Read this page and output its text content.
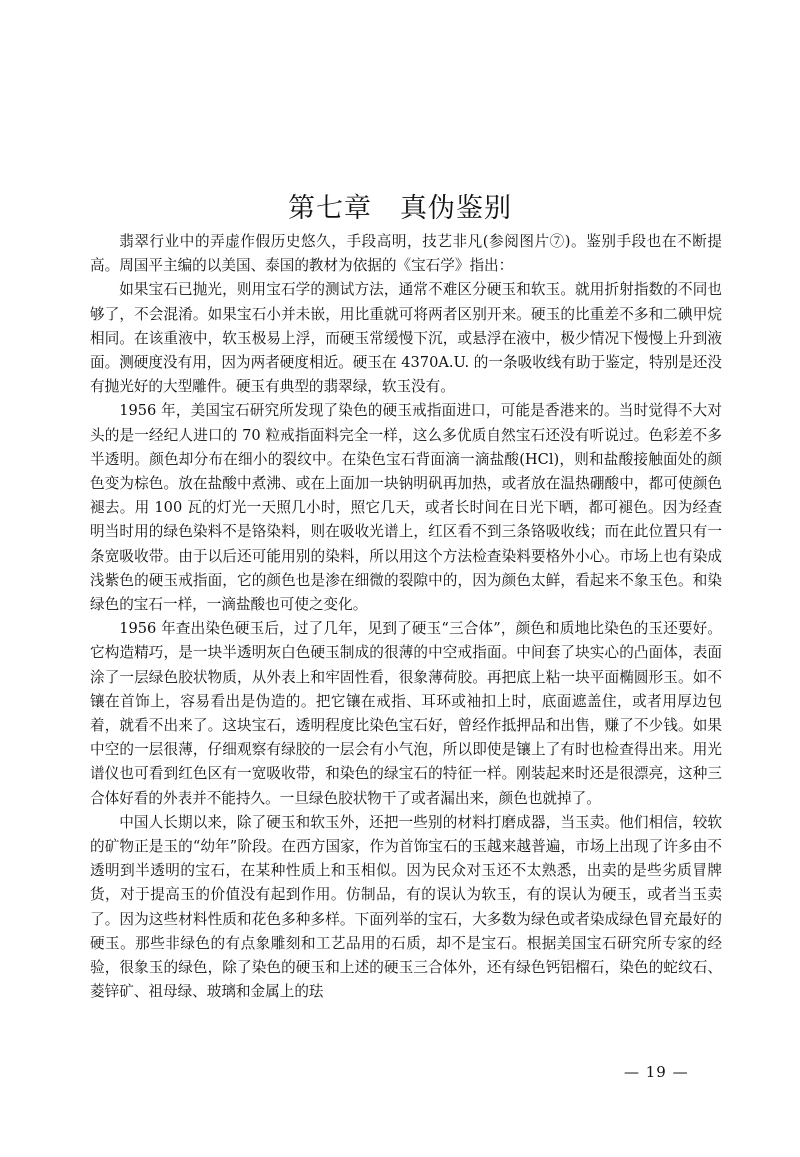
第七章　真伪鉴别

翡翠行业中的弄虚作假历史悠久，手段高明，技艺非凡(参阅图片⑦)。鉴别手段也在不断提高。周国平主编的以美国、泰国的教材为依据的《宝石学》指出：

如果宝石已抛光，则用宝石学的测试方法，通常不难区分硬玉和软玉。就用折射指数的不同也够了，不会混淆。如果宝石小并未嵌，用比重就可将两者区别开来。硬玉的比重差不多和二碘甲烷相同。在该重液中，软玉极易上浮，而硬玉常缓慢下沉，或悬浮在液中，极少情况下慢慢上升到液面。测硬度没有用，因为两者硬度相近。硬玉在 4370A.U. 的一条吸收线有助于鉴定，特别是还没有抛光好的大型雕件。硬玉有典型的翡翠绿，软玉没有。

1956 年，美国宝石研究所发现了染色的硬玉戒指面进口，可能是香港来的。当时觉得不大对头的是一经纪人进口的 70 粒戒指面料完全一样，这么多优质自然宝石还没有听说过。色彩差不多半透明。颜色却分布在细小的裂纹中。在染色宝石背面滴一滴盐酸(HCl)，则和盐酸接触面处的颜色变为棕色。放在盐酸中煮沸、或在上面加一块钠明矾再加热，或者放在温热硼酸中，都可使颜色褪去。用 100 瓦的灯光一天照几小时，照它几天，或者长时间在日光下晒，都可褪色。因为经查明当时用的绿色染料不是铬染料，则在吸收光谱上，红区看不到三条铬吸收线；而在此位置只有一条宽吸收带。由于以后还可能用别的染料，所以用这个方法检查染料要格外小心。市场上也有染成浅紫色的硬玉戒指面，它的颜色也是渗在细微的裂隙中的，因为颜色太鲜，看起来不象玉色。和染绿色的宝石一样，一滴盐酸也可使之变化。

1956 年查出染色硬玉后，过了几年，见到了硬玉“三合体”，颜色和质地比染色的玉还要好。它构造精巧，是一块半透明灰白色硬玉制成的很薄的中空戒指面。中间套了块实心的凸面体，表面涂了一层绿色胶状物质，从外表上和牢固性看，很象薄荷胶。再把底上粘一块平面椭圆形玉。如不镶在首饰上，容易看出是伪造的。把它镶在戒指、耳环或袖扣上时，底面遮盖住，或者用厚边包着，就看不出来了。这块宝石，透明程度比染色宝石好，曾经作抵押品和出售，赚了不少钱。如果中空的一层很薄，仔细观察有绿胶的一层会有小气泡，所以即使是镶上了有时也检查得出来。用光谱仪也可看到红色区有一宽吸收带，和染色的绿宝石的特征一样。刚装起来时还是很漂亮，这种三合体好看的外表并不能持久。一旦绿色胶状物干了或者漏出来，颜色也就掉了。

中国人长期以来，除了硬玉和软玉外，还把一些别的材料打磨成器，当玉卖。他们相信，较软的矿物正是玉的“幼年”阶段。在西方国家，作为首饰宝石的玉越来越普遍，市场上出现了许多由不透明到半透明的宝石，在某种性质上和玉相似。因为民众对玉还不太熟悉，出卖的是些劣质冒牌货，对于提高玉的价值没有起到作用。仿制品，有的误认为软玉，有的误认为硬玉，或者当玉卖了。因为这些材料性质和花色多种多样。下面列举的宝石，大多数为绿色或者染成绿色冒充最好的硬玉。那些非绿色的有点象雕刻和工艺品用的石质，却不是宝石。根据美国宝石研究所专家的经验，很象玉的绿色，除了染色的硬玉和上述的硬玉三合体外，还有绿色钙铝榴石，染色的蛇纹石、菱锌矿、祖母绿、玻璃和金属上的珐

— 19 —
